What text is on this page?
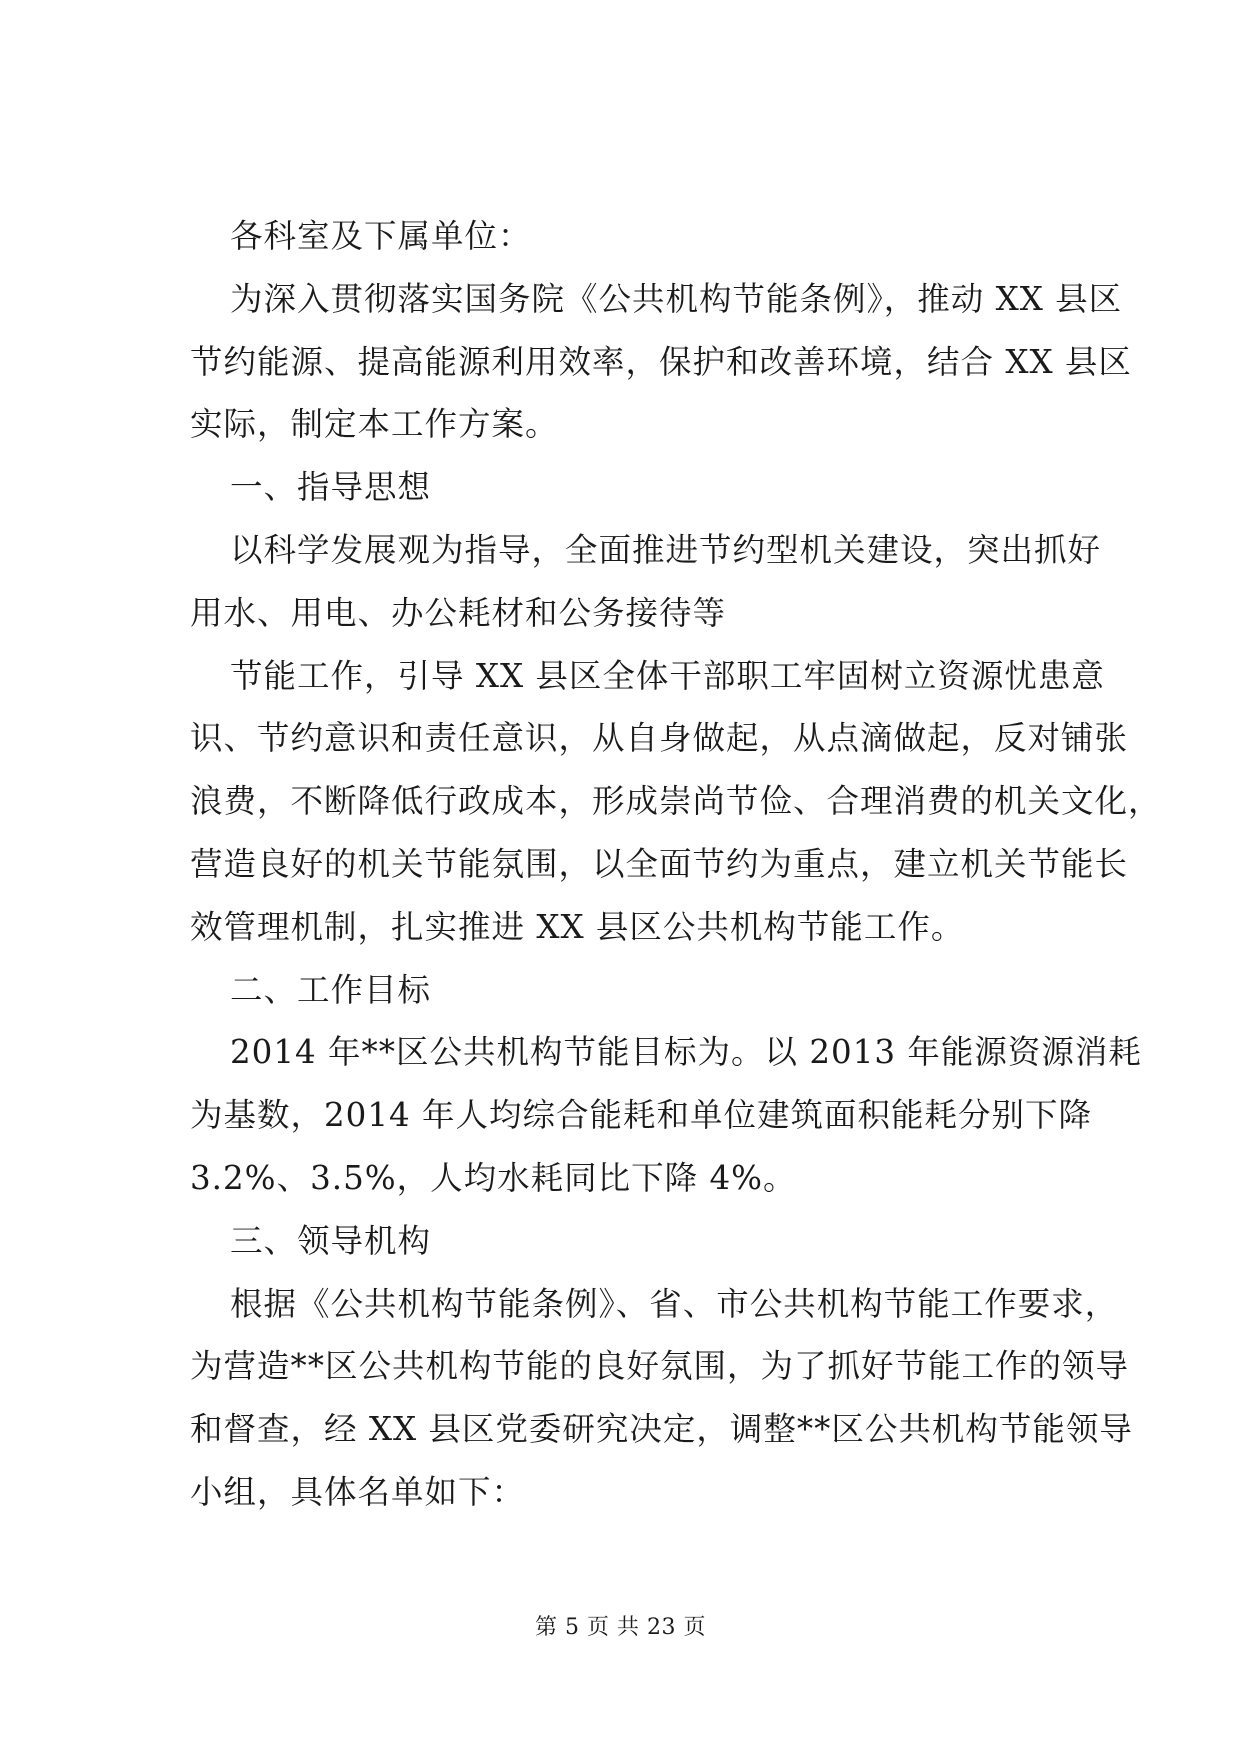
各科室及下属单位：
为深入贯彻落实国务院《公共机构节能条例》，推动 XX 县区
节约能源、提高能源利用效率，保护和改善环境，结合 XX 县区
实际，制定本工作方案。
一、指导思想
以科学发展观为指导，全面推进节约型机关建设，突出抓好
用水、用电、办公耗材和公务接待等
节能工作，引导 XX 县区全体干部职工牢固树立资源忧患意
识、节约意识和责任意识，从自身做起，从点滴做起，反对铺张
浪费，不断降低行政成本，形成崇尚节俭、合理消费的机关文化，
营造良好的机关节能氛围，以全面节约为重点，建立机关节能长
效管理机制，扎实推进 XX 县区公共机构节能工作。
二、工作目标
2014 年**区公共机构节能目标为。以 2013 年能源资源消耗
为基数，2014 年人均综合能耗和单位建筑面积能耗分别下降
3.2%、3.5%，人均水耗同比下降 4%。
三、领导机构
根据《公共机构节能条例》、省、市公共机构节能工作要求，
为营造**区公共机构节能的良好氛围，为了抓好节能工作的领导
和督查，经 XX 县区党委研究决定，调整**区公共机构节能领导
小组，具体名单如下：
第 5 页 共 23 页
